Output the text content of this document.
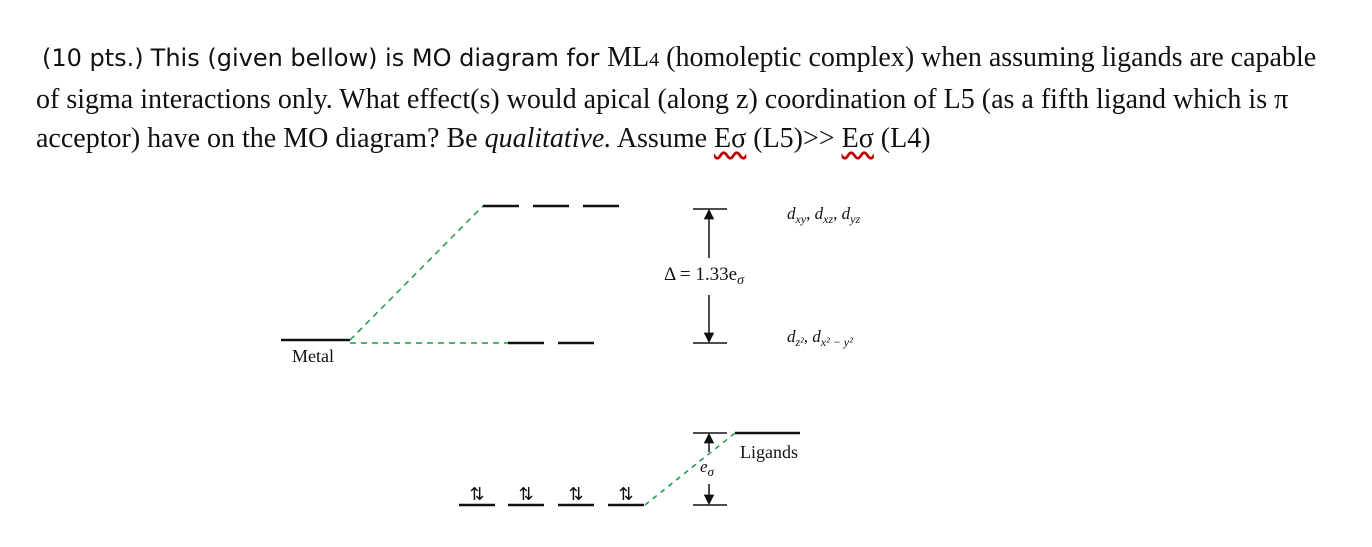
(10 pts.) This (given bellow) is MO diagram for ML4 (homoleptic complex) when assuming ligands are capable of sigma interactions only. What effect(s) would apical (along z) coordination of L5 (as a fifth ligand which is π acceptor) have on the MO diagram? Be qualitative. Assume Eσ (L5)>> Eσ (L4)
Metal
$\Delta = 1.33e_\sigma$
$d_{xy}$, $d_{xz}$, $d_{yz}$
$d_{z^2}$, $d_{x^2 - y^2}$
Ligands
$e_\sigma$
⇅ ⇅ ⇅ ⇅
